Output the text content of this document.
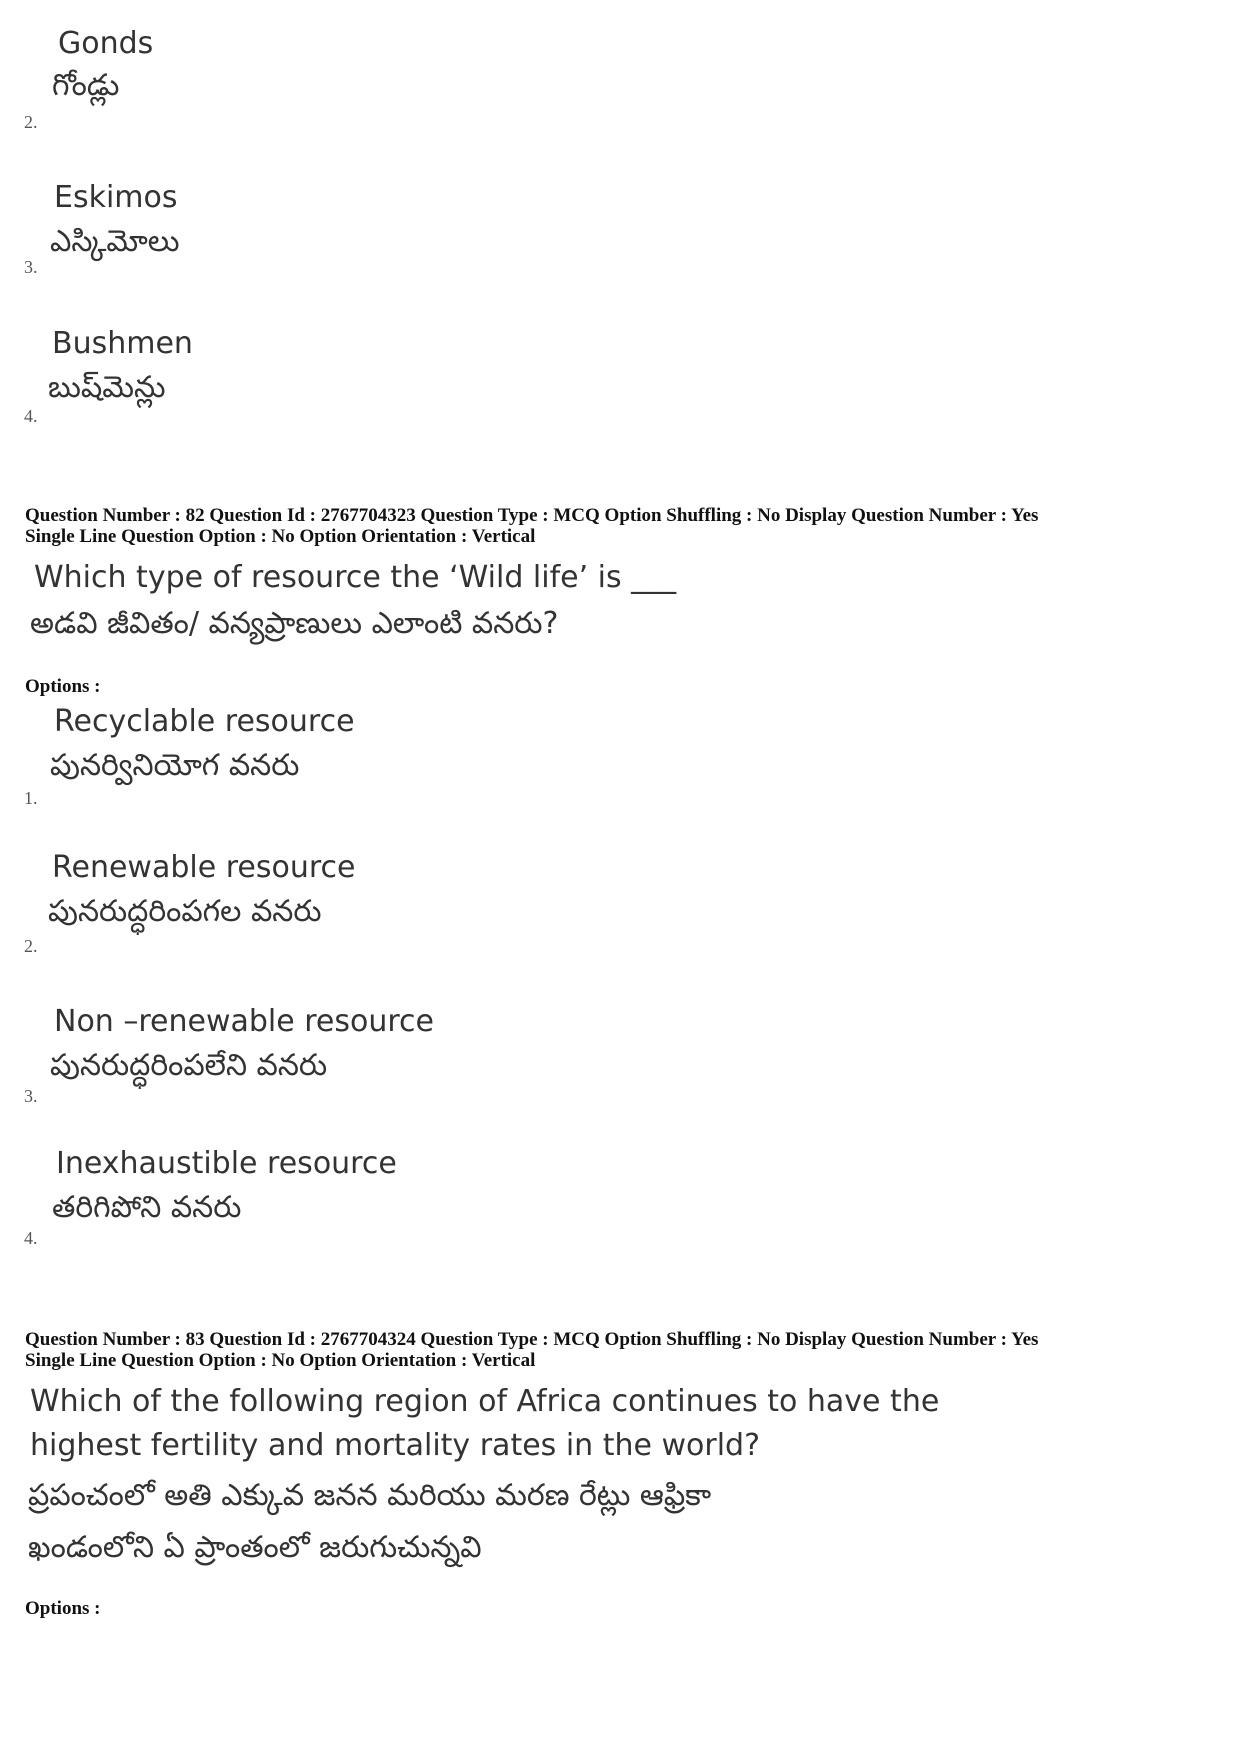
Gonds
గోండ్లు
2.
Eskimos
ఎస్కిమోలు
3.
Bushmen
బుష్‌మెన్లు
4.
Question Number : 82 Question Id : 2767704323 Question Type : MCQ Option Shuffling : No Display Question Number : Yes
Single Line Question Option : No Option Orientation : Vertical
Which type of resource the ‘Wild life’ is ___
అడవి జీవితం/ వన్యప్రాణులు ఎలాంటి వనరు?
Options :
Recyclable resource
పునర్వినియోగ వనరు
1.
Renewable resource
పునరుద్ధరింపగల వనరు
2.
Non –renewable resource
పునరుద్ధరింపలేని వనరు
3.
Inexhaustible resource
తరిగిపోని వనరు
4.
Question Number : 83 Question Id : 2767704324 Question Type : MCQ Option Shuffling : No Display Question Number : Yes
Single Line Question Option : No Option Orientation : Vertical
Which of the following region of Africa continues to have the
highest fertility and mortality rates in the world?
ప్రపంచంలో అతి ఎక్కువ జనన మరియు మరణ రేట్లు ఆఫ్రికా
ఖండంలోని ఏ ప్రాంతంలో జరుగుచున్నవి
Options :
